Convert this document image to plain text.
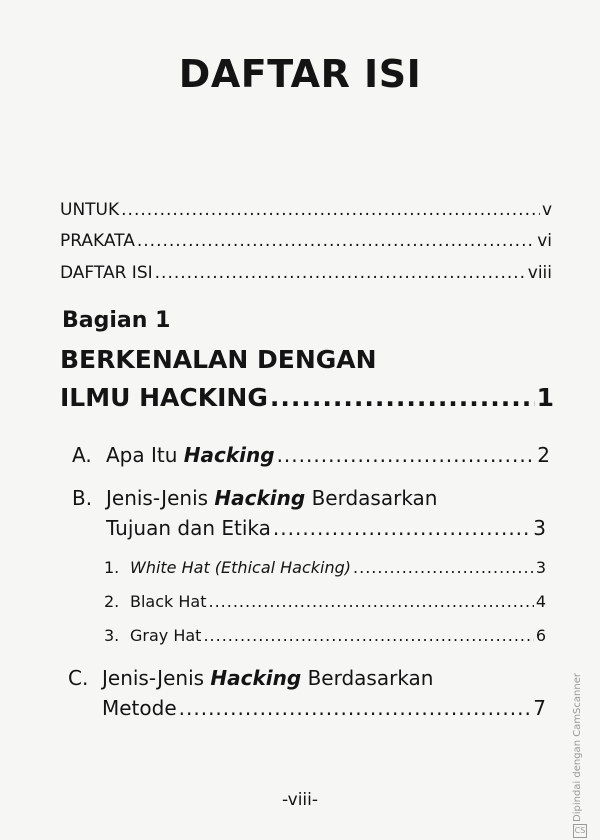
DAFTAR ISI
UNTUK .....	v
PRAKATA .....	vi
DAFTAR ISI .....	viii
Bagian 1
BERKENALAN DENGAN
ILMU HACKING .....	1
A. Apa Itu Hacking .....	2
B. Jenis-Jenis Hacking Berdasarkan
Tujuan dan Etika .....	3
1. White Hat (Ethical Hacking) .....	3
2. Black Hat .....	4
3. Gray Hat .....	6
C. Jenis-Jenis Hacking Berdasarkan
Metode .....	7
-viii-	Dipindai dengan CamScanner
CS
